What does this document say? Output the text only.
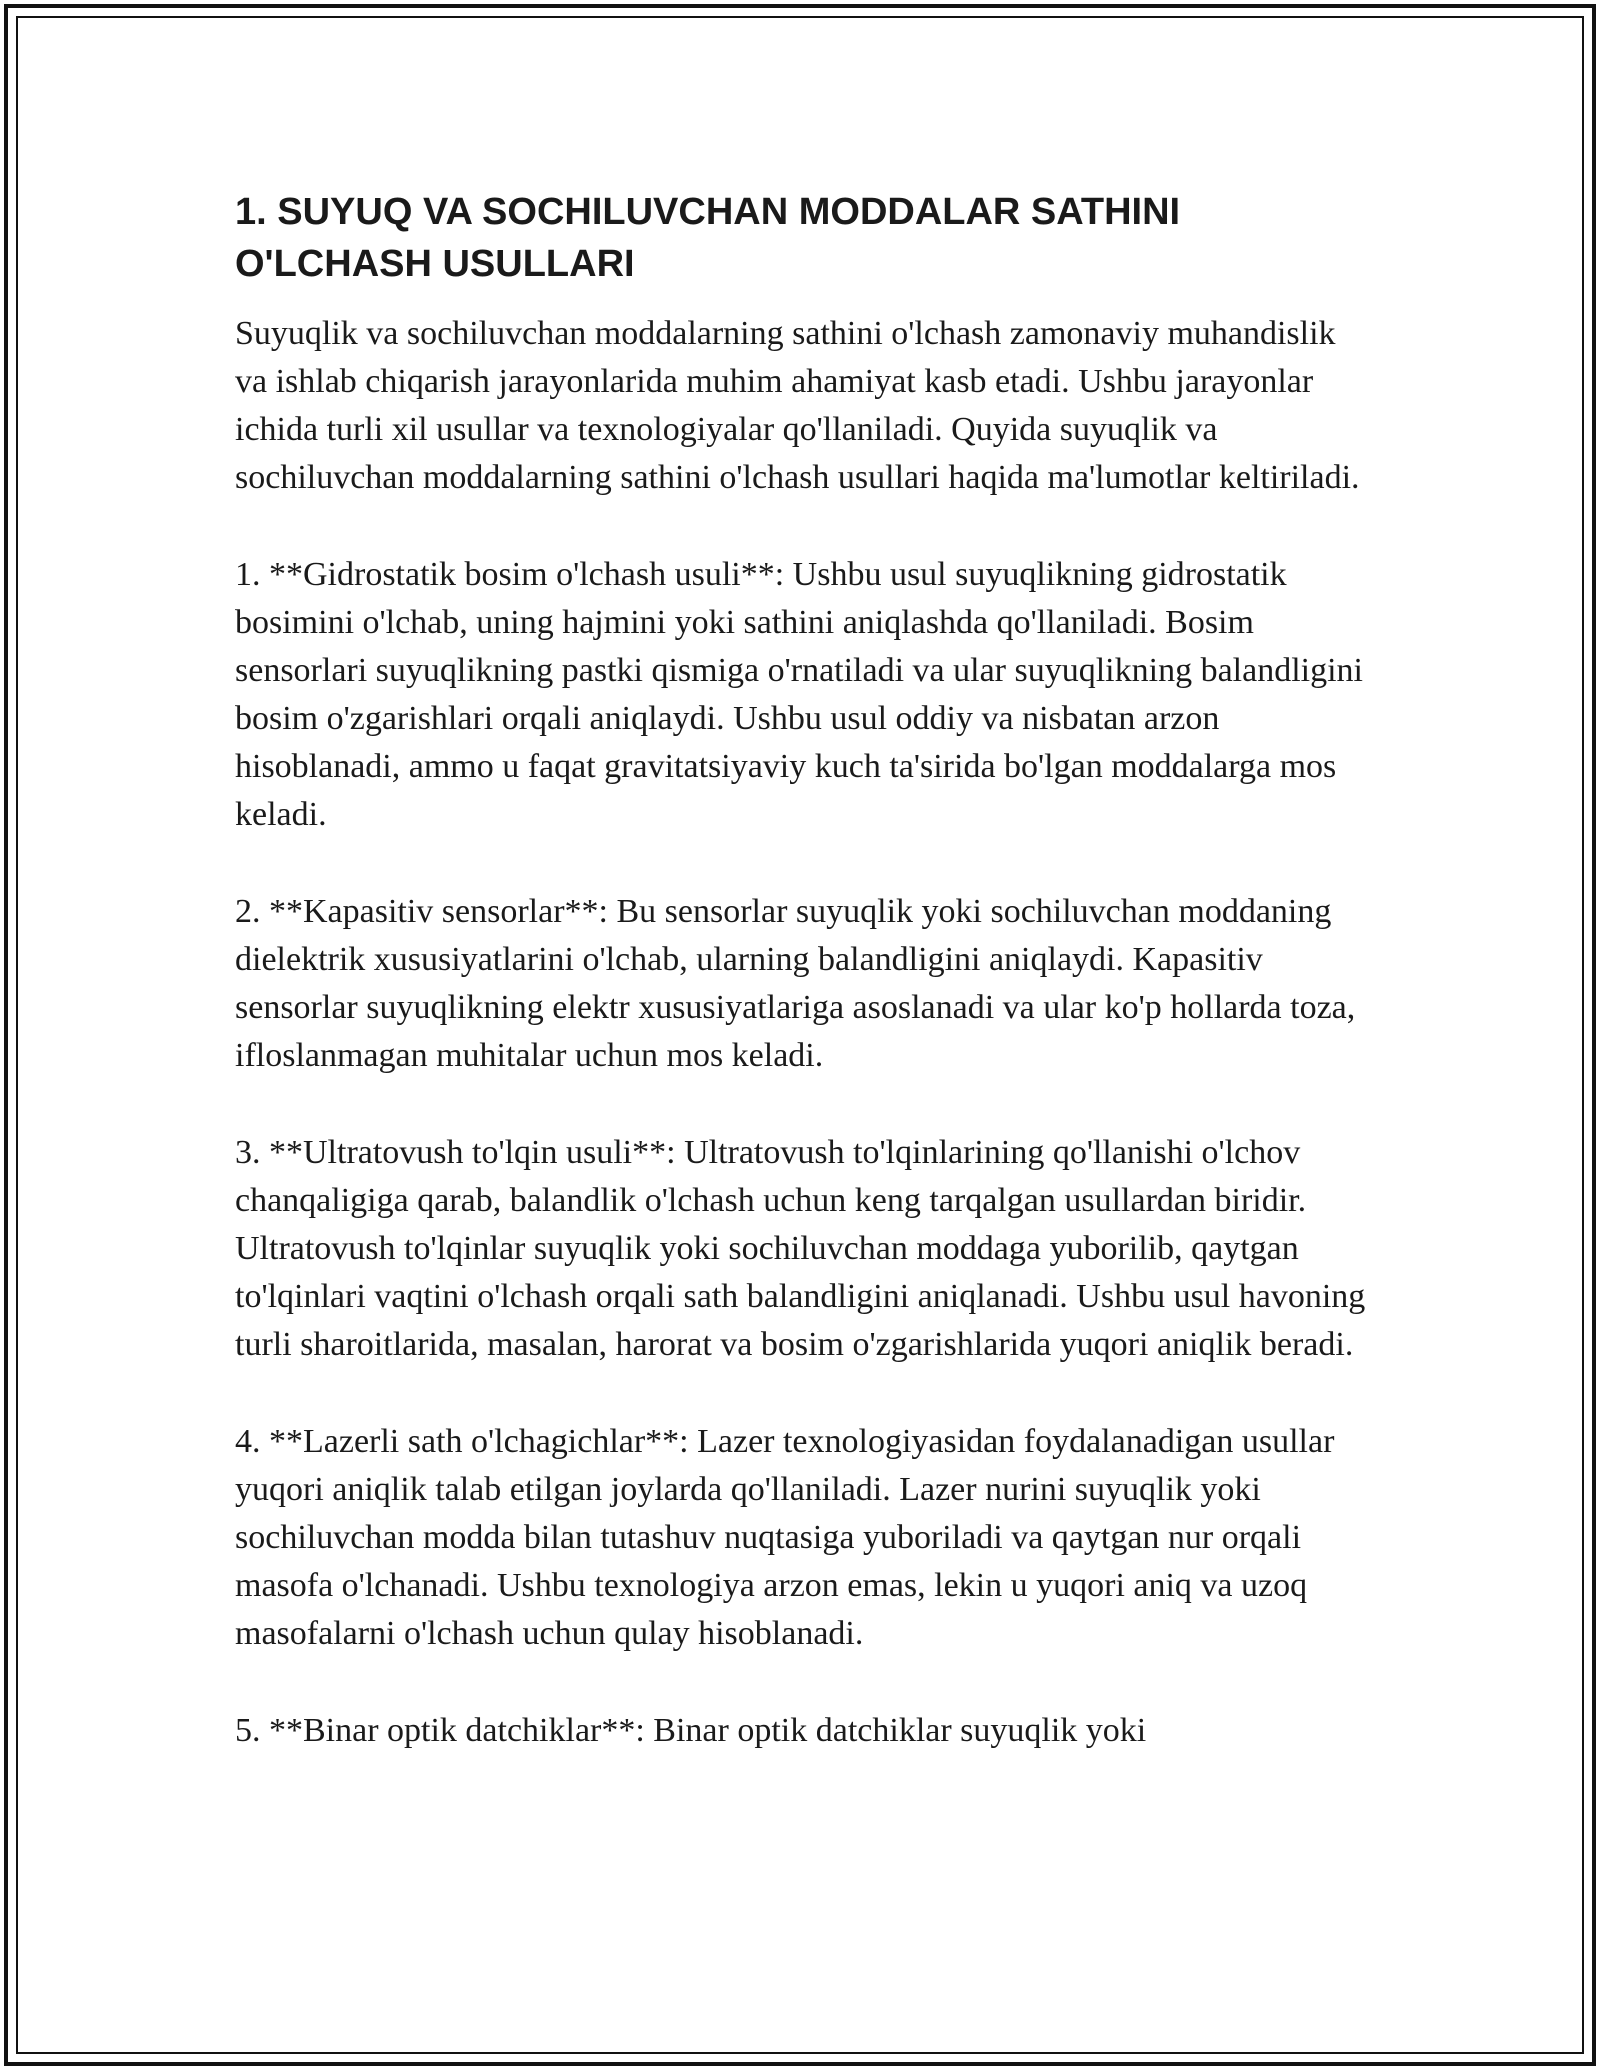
1. SUYUQ VA SOCHILUVCHAN MODDALAR SATHINI O'LCHASH USULLARI

Suyuqlik va sochiluvchan moddalarning sathini o'lchash zamonaviy muhandislik va ishlab chiqarish jarayonlarida muhim ahamiyat kasb etadi. Ushbu jarayonlar ichida turli xil usullar va texnologiyalar qo'llaniladi. Quyida suyuqlik va sochiluvchan moddalarning sathini o'lchash usullari haqida ma'lumotlar keltiriladi.

1. **Gidrostatik bosim o'lchash usuli**: Ushbu usul suyuqlikning gidrostatik bosimini o'lchab, uning hajmini yoki sathini aniqlashda qo'llaniladi. Bosim sensorlari suyuqlikning pastki qismiga o'rnatiladi va ular suyuqlikning balandligini bosim o'zgarishlari orqali aniqlaydi. Ushbu usul oddiy va nisbatan arzon hisoblanadi, ammo u faqat gravitatsiyaviy kuch ta'sirida bo'lgan moddalarga mos keladi.

2. **Kapasitiv sensorlar**: Bu sensorlar suyuqlik yoki sochiluvchan moddaning dielektrik xususiyatlarini o'lchab, ularning balandligini aniqlaydi. Kapasitiv sensorlar suyuqlikning elektr xususiyatlariga asoslanadi va ular ko'p hollarda toza, ifloslanmagan muhitalar uchun mos keladi.

3. **Ultratovush to'lqin usuli**: Ultratovush to'lqinlarining qo'llanishi o'lchov chanqaligiga qarab, balandlik o'lchash uchun keng tarqalgan usullardan biridir. Ultratovush to'lqinlar suyuqlik yoki sochiluvchan moddaga yuborilib, qaytgan to'lqinlari vaqtini o'lchash orqali sath balandligini aniqlanadi. Ushbu usul havoning turli sharoitlarida, masalan, harorat va bosim o'zgarishlarida yuqori aniqlik beradi.

4. **Lazerli sath o'lchagichlar**: Lazer texnologiyasidan foydalanadigan usullar yuqori aniqlik talab etilgan joylarda qo'llaniladi. Lazer nurini suyuqlik yoki sochiluvchan modda bilan tutashuv nuqtasiga yuboriladi va qaytgan nur orqali masofa o'lchanadi. Ushbu texnologiya arzon emas, lekin u yuqori aniq va uzoq masofalarni o'lchash uchun qulay hisoblanadi.

5. **Binar optik datchiklar**: Binar optik datchiklar suyuqlik yoki
